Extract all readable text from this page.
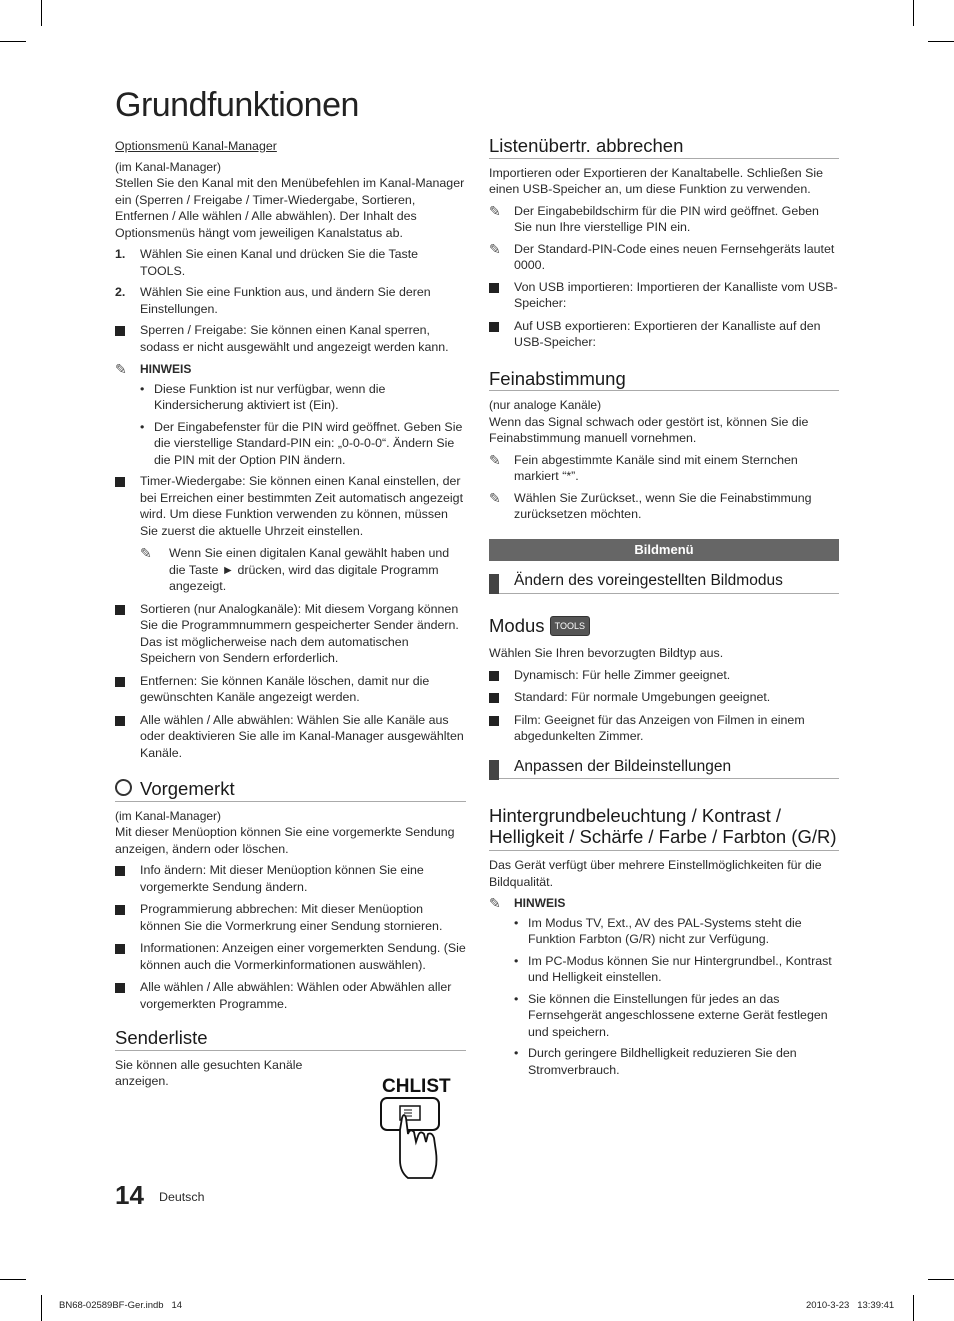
Grundfunktionen
Optionsmenü Kanal-Manager
(im Kanal-Manager)
Stellen Sie den Kanal mit den Menübefehlen im Kanal-Manager ein (Sperren / Freigabe / Timer-Wiedergabe, Sortieren, Entfernen / Alle wählen / Alle abwählen). Der Inhalt des Optionsmenüs hängt vom jeweiligen Kanalstatus ab.
1. Wählen Sie einen Kanal und drücken Sie die Taste TOOLS.
2. Wählen Sie eine Funktion aus, und ändern Sie deren Einstellungen.
Sperren / Freigabe: Sie können einen Kanal sperren, sodass er nicht ausgewählt und angezeigt werden kann.
✎ HINWEIS
• Diese Funktion ist nur verfügbar, wenn die Kindersicherung aktiviert ist (Ein).
• Der Eingabefenster für die PIN wird geöffnet. Geben Sie die vierstellige Standard-PIN ein: „0-0-0-0“. Ändern Sie die PIN mit der Option PIN ändern.
Timer-Wiedergabe: Sie können einen Kanal einstellen, der bei Erreichen einer bestimmten Zeit automatisch angezeigt wird. Um diese Funktion verwenden zu können, müssen Sie zuerst die aktuelle Uhrzeit einstellen.
✎ Wenn Sie einen digitalen Kanal gewählt haben und die Taste ► drücken, wird das digitale Programm angezeigt.
Sortieren (nur Analogkanäle): Mit diesem Vorgang können Sie die Programmnummern gespeicherter Sender ändern. Das ist möglicherweise nach dem automatischen Speichern von Sendern erforderlich.
Entfernen: Sie können Kanäle löschen, damit nur die gewünschten Kanäle angezeigt werden.
Alle wählen / Alle abwählen: Wählen Sie alle Kanäle aus oder deaktivieren Sie alle im Kanal-Manager ausgewählten Kanäle.
Vorgemerkt
(im Kanal-Manager)
Mit dieser Menüoption können Sie eine vorgemerkte Sendung anzeigen, ändern oder löschen.
Info ändern: Mit dieser Menüoption können Sie eine vorgemerkte Sendung ändern.
Programmierung abbrechen: Mit dieser Menüoption können Sie die Vormerkrung einer Sendung stornieren.
Informationen: Anzeigen einer vorgemerkten Sendung. (Sie können auch die Vormerkinformationen auswählen).
Alle wählen / Alle abwählen: Wählen oder Abwählen aller vorgemerkten Programme.
Senderliste
Sie können alle gesuchten Kanäle anzeigen.	CHLIST
Listenübertr. abbrechen
Importieren oder Exportieren der Kanaltabelle. Schließen Sie einen USB-Speicher an, um diese Funktion zu verwenden.
✎ Der Eingabebildschirm für die PIN wird geöffnet. Geben Sie nun Ihre vierstellige PIN ein.
✎ Der Standard-PIN-Code eines neuen Fernsehgeräts lautet 0000.
Von USB importieren: Importieren der Kanalliste vom USB-Speicher:
Auf USB exportieren: Exportieren der Kanalliste auf den USB-Speicher:
Feinabstimmung
(nur analoge Kanäle)
Wenn das Signal schwach oder gestört ist, können Sie die Feinabstimmung manuell vornehmen.
✎ Fein abgestimmte Kanäle sind mit einem Sternchen markiert “*”.
✎ Wählen Sie Zurückset., wenn Sie die Feinabstimmung zurücksetzen möchten.
Bildmenü
Ändern des voreingestellten Bildmodus
Modus TOOLS
Wählen Sie Ihren bevorzugten Bildtyp aus.
Dynamisch: Für helle Zimmer geeignet.
Standard: Für normale Umgebungen geeignet.
Film: Geeignet für das Anzeigen von Filmen in einem abgedunkelten Zimmer.
Anpassen der Bildeinstellungen
Hintergrundbeleuchtung / Kontrast / Helligkeit / Schärfe / Farbe / Farbton (G/R)
Das Gerät verfügt über mehrere Einstellmöglichkeiten für die Bildqualität.
✎ HINWEIS
• Im Modus TV, Ext., AV des PAL-Systems steht die Funktion Farbton (G/R) nicht zur Verfügung.
• Im PC-Modus können Sie nur Hintergrundbel., Kontrast und Helligkeit einstellen.
• Sie können die Einstellungen für jedes an das Fernsehgerät angeschlossene externe Gerät festlegen und speichern.
• Durch geringere Bildhelligkeit reduzieren Sie den Stromverbrauch.
14 Deutsch
BN68-02589BF-Ger.indb   14	2010-3-23   13:39:41
